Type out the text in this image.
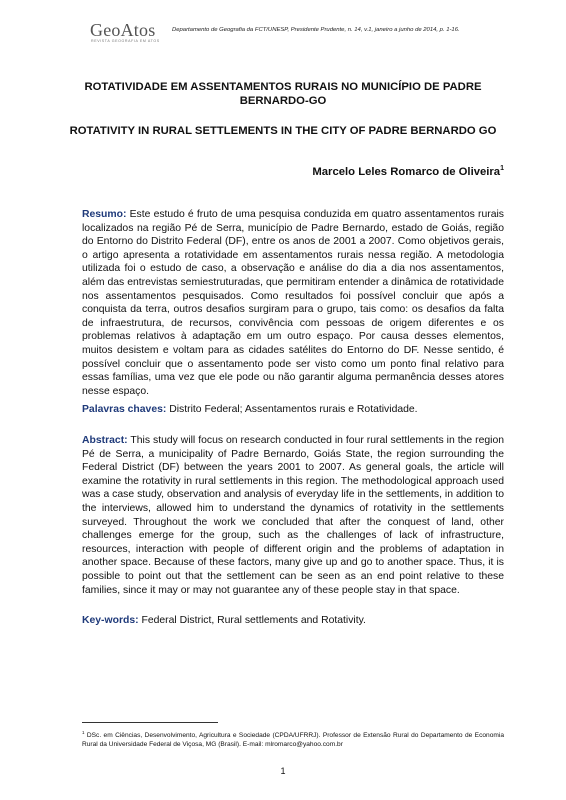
GeoAtos
REVISTA GEOGRAFIA EM ATOS
Departamento de Geografia da FCT/UNESP, Presidente Prudente, n. 14, v.1, janeiro a junho de 2014, p. 1-16.
ROTATIVIDADE EM ASSENTAMENTOS RURAIS NO MUNICÍPIO DE PADRE BERNARDO-GO
ROTATIVITY IN RURAL SETTLEMENTS IN THE CITY OF PADRE BERNARDO GO
Marcelo Leles Romarco de Oliveira$^1$
Resumo: Este estudo é fruto de uma pesquisa conduzida em quatro assentamentos rurais localizados na região Pé de Serra, município de Padre Bernardo, estado de Goiás, região do Entorno do Distrito Federal (DF), entre os anos de 2001 a 2007. Como objetivos gerais, o artigo apresenta a rotatividade em assentamentos rurais nessa região. A metodologia utilizada foi o estudo de caso, a observação e análise do dia a dia nos assentamentos, além das entrevistas semiestruturadas, que permitiram entender a dinâmica de rotatividade nos assentamentos pesquisados. Como resultados foi possível concluir que após a conquista da terra, outros desafios surgiram para o grupo, tais como: os desafios da falta de infraestrutura, de recursos, convivência com pessoas de origem diferentes e os problemas relativos à adaptação em um outro espaço. Por causa desses elementos, muitos desistem e voltam para as cidades satélites do Entorno do DF. Nesse sentido, é possível concluir que o assentamento pode ser visto como um ponto final relativo para essas famílias, uma vez que ele pode ou não garantir alguma permanência desses atores nesse espaço.
Palavras chaves: Distrito Federal; Assentamentos rurais e Rotatividade.
Abstract: This study will focus on research conducted in four rural settlements in the region Pé de Serra, a municipality of Padre Bernardo, Goiás State, the region surrounding the Federal District (DF) between the years 2001 to 2007. As general goals, the article will examine the rotativity in rural settlements in this region. The methodological approach used was a case study, observation and analysis of everyday life in the settlements, in addition to the interviews, allowed him to understand the dynamics of rotativity in the settlements surveyed. Throughout the work we concluded that after the conquest of land, other challenges emerge for the group, such as the challenges of lack of infrastructure, resources, interaction with people of different origin and the problems of adaptation in another space. Because of these factors, many give up and go to another space. Thus, it is possible to point out that the settlement can be seen as an end point relative to these families, since it may or may not guarantee any of these people stay in that space.
Key-words: Federal District, Rural settlements and Rotativity.
$^1$ DSc. em Ciências, Desenvolvimento, Agricultura e Sociedade (CPDA/UFRRJ). Professor de Extensão Rural do Departamento de Economia Rural da Universidade Federal de Viçosa, MG (Brasil). E-mail: mlromarco@yahoo.com.br
1
